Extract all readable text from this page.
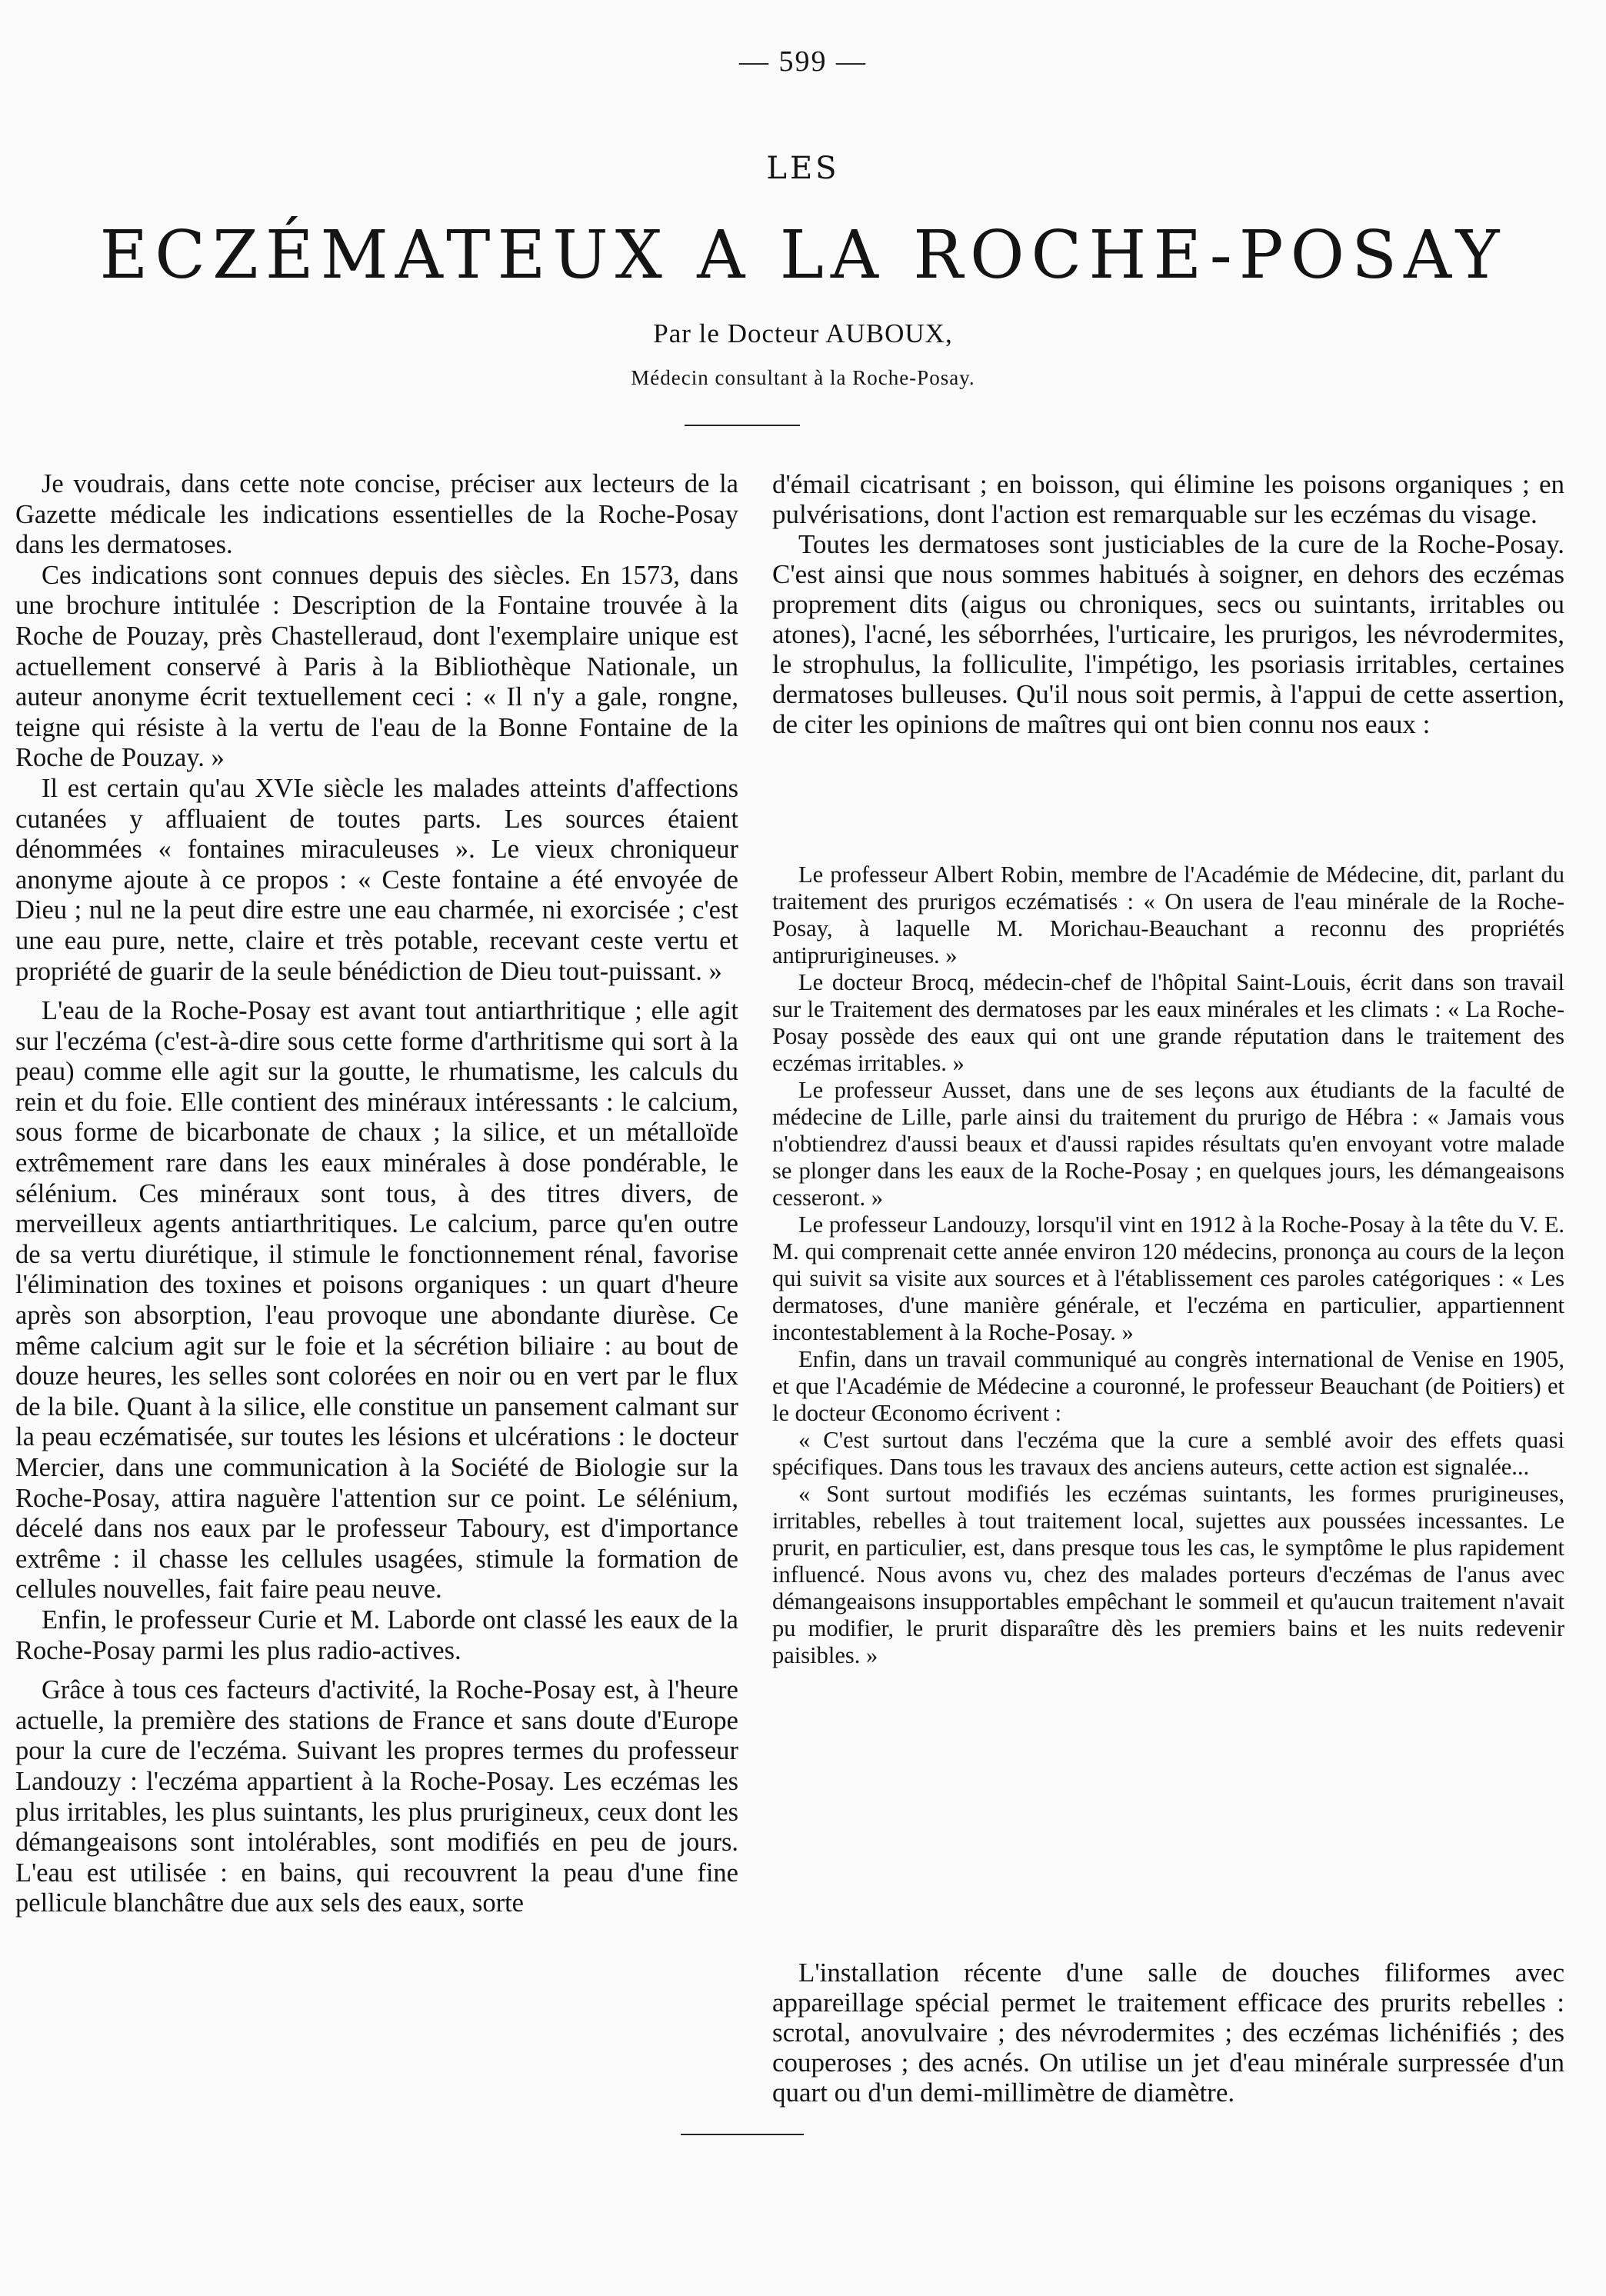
— 599 —
LES
ECZÉMATEUX A LA ROCHE-POSAY
Par le Docteur AUBOUX,
Médecin consultant à la Roche-Posay.

Je voudrais, dans cette note concise, préciser aux lecteurs de la Gazette médicale les indications essentielles de la Roche-Posay dans les dermatoses.

Ces indications sont connues depuis des siècles. En 1573, dans une brochure intitulée : Description de la Fontaine trouvée à la Roche de Pouzay, près Chastelleraud, dont l'exemplaire unique est actuellement conservé à Paris à la Bibliothèque Nationale, un auteur anonyme écrit textuellement ceci : « Il n'y a gale, rongne, teigne qui résiste à la vertu de l'eau de la Bonne Fontaine de la Roche de Pouzay. »

Il est certain qu'au XVIe siècle les malades atteints d'affections cutanées y affluaient de toutes parts. Les sources étaient dénommées « fontaines miraculeuses ». Le vieux chroniqueur anonyme ajoute à ce propos : « Ceste fontaine a été envoyée de Dieu ; nul ne la peut dire estre une eau charmée, ni exorcisée ; c'est une eau pure, nette, claire et très potable, recevant ceste vertu et propriété de guarir de la seule bénédiction de Dieu tout-puissant. »

L'eau de la Roche-Posay est avant tout antiarthritique ; elle agit sur l'eczéma (c'est-à-dire sous cette forme d'arthritisme qui sort à la peau) comme elle agit sur la goutte, le rhumatisme, les calculs du rein et du foie. Elle contient des minéraux intéressants : le calcium, sous forme de bicarbonate de chaux ; la silice, et un métalloïde extrêmement rare dans les eaux minérales à dose pondérable, le sélénium. Ces minéraux sont tous, à des titres divers, de merveilleux agents antiarthritiques. Le calcium, parce qu'en outre de sa vertu diurétique, il stimule le fonctionnement rénal, favorise l'élimination des toxines et poisons organiques : un quart d'heure après son absorption, l'eau provoque une abondante diurèse. Ce même calcium agit sur le foie et la sécrétion biliaire : au bout de douze heures, les selles sont colorées en noir ou en vert par le flux de la bile. Quant à la silice, elle constitue un pansement calmant sur la peau eczématisée, sur toutes les lésions et ulcérations : le docteur Mercier, dans une communication à la Société de Biologie sur la Roche-Posay, attira naguère l'attention sur ce point. Le sélénium, décelé dans nos eaux par le professeur Taboury, est d'importance extrême : il chasse les cellules usagées, stimule la formation de cellules nouvelles, fait faire peau neuve.

Enfin, le professeur Curie et M. Laborde ont classé les eaux de la Roche-Posay parmi les plus radio-actives.

Grâce à tous ces facteurs d'activité, la Roche-Posay est, à l'heure actuelle, la première des stations de France et sans doute d'Europe pour la cure de l'eczéma. Suivant les propres termes du professeur Landouzy : l'eczéma appartient à la Roche-Posay. Les eczémas les plus irritables, les plus suintants, les plus prurigineux, ceux dont les démangeaisons sont intolérables, sont modifiés en peu de jours. L'eau est utilisée : en bains, qui recouvrent la peau d'une fine pellicule blanchâtre due aux sels des eaux, sorte

d'émail cicatrisant ; en boisson, qui élimine les poisons organiques ; en pulvérisations, dont l'action est remarquable sur les eczémas du visage.

Toutes les dermatoses sont justiciables de la cure de la Roche-Posay. C'est ainsi que nous sommes habitués à soigner, en dehors des eczémas proprement dits (aigus ou chroniques, secs ou suintants, irritables ou atones), l'acné, les séborrhées, l'urticaire, les prurigos, les névrodermites, le strophulus, la folliculite, l'impétigo, les psoriasis irritables, certaines dermatoses bulleuses. Qu'il nous soit permis, à l'appui de cette assertion, de citer les opinions de maîtres qui ont bien connu nos eaux :

Le professeur Albert Robin, membre de l'Académie de Médecine, dit, parlant du traitement des prurigos eczématisés : « On usera de l'eau minérale de la Roche-Posay, à laquelle M. Morichau-Beauchant a reconnu des propriétés antiprurigineuses. »

Le docteur Brocq, médecin-chef de l'hôpital Saint-Louis, écrit dans son travail sur le Traitement des dermatoses par les eaux minérales et les climats : « La Roche-Posay possède des eaux qui ont une grande réputation dans le traitement des eczémas irritables. »

Le professeur Ausset, dans une de ses leçons aux étudiants de la faculté de médecine de Lille, parle ainsi du traitement du prurigo de Hébra : « Jamais vous n'obtiendrez d'aussi beaux et d'aussi rapides résultats qu'en envoyant votre malade se plonger dans les eaux de la Roche-Posay ; en quelques jours, les démangeaisons cesseront. »

Le professeur Landouzy, lorsqu'il vint en 1912 à la Roche-Posay à la tête du V. E. M. qui comprenait cette année environ 120 médecins, prononça au cours de la leçon qui suivit sa visite aux sources et à l'établissement ces paroles catégoriques : « Les dermatoses, d'une manière générale, et l'eczéma en particulier, appartiennent incontestablement à la Roche-Posay. »

Enfin, dans un travail communiqué au congrès international de Venise en 1905, et que l'Académie de Médecine a couronné, le professeur Beauchant (de Poitiers) et le docteur Œconomo écrivent :

« C'est surtout dans l'eczéma que la cure a semblé avoir des effets quasi spécifiques. Dans tous les travaux des anciens auteurs, cette action est signalée...

« Sont surtout modifiés les eczémas suintants, les formes prurigineuses, irritables, rebelles à tout traitement local, sujettes aux poussées incessantes. Le prurit, en particulier, est, dans presque tous les cas, le symptôme le plus rapidement influencé. Nous avons vu, chez des malades porteurs d'eczémas de l'anus avec démangeaisons insupportables empêchant le sommeil et qu'aucun traitement n'avait pu modifier, le prurit disparaître dès les premiers bains et les nuits redevenir paisibles. »

L'installation récente d'une salle de douches filiformes avec appareillage spécial permet le traitement efficace des prurits rebelles : scrotal, anovulvaire ; des névrodermites ; des eczémas lichénifiés ; des couperoses ; des acnés. On utilise un jet d'eau minérale surpressée d'un quart ou d'un demi-millimètre de diamètre.
